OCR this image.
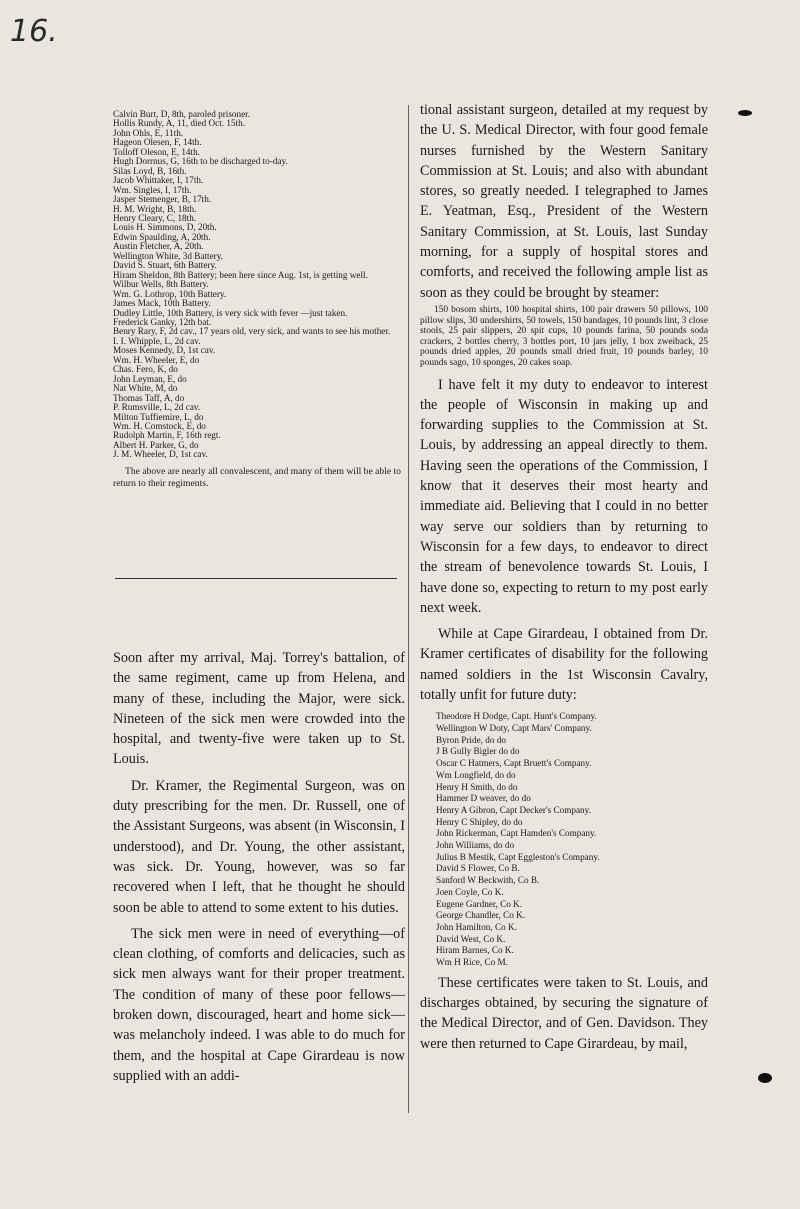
16.
Calvin Burt, D, 8th, paroled prisoner.
Hollis Rundy, A, 11, died Oct. 15th.
John Ohls, E, 11th.
Hageon Olesen, F, 14th.
Tolloff Oleson, E, 14th.
Hugh Dorrnus, G, 16th to be discharged to-day.
Silas Loyd, B, 16th.
Jacob Whittaker, I, 17th.
Wm. Singles, I, 17th.
Jasper Stemenger, B, 17th.
H. M. Wright, B, 18th.
Henry Cleary, C, 18th.
Louis H. Simmons, D, 20th.
Edwin Spaulding, A, 20th.
Austin Fletcher, A, 20th.
Wellington White, 3d Battery.
David S. Stuart, 6th Battery.
Hiram Sheldon, 8th Battery; been here since Aug. 1st, is getting well.
Wilbur Wells, 8th Battery.
Wm. G. Lothrop, 10th Battery.
James Mack, 10th Battery.
Dudley Little, 10th Battery, is very sick with fever —just taken.
Frederick Ganky, 12th bat.
Benry Rary, F, 2d cav., 17 years old, very sick, and wants to see his mother.
I. I. Whipple, L, 2d cav.
Moses Kennedy, D, 1st cav.
Wm. H. Wheeler, E, do
Chas. Fero, K, do
John Leyman, E, do
Nat White, M, do
Thomas Taff, A, do
P. Rumsville, L, 2d cav.
Milton Tuffiemire, L, do
Wm. H. Comstock, E, do
Rudolph Martin, F, 16th regt.
Albert H. Parker, G, do
J. M. Wheeler, D, 1st cav.

The above are nearly all convalescent, and many of them will be able to return to their regiments.

Soon after my arrival, Maj. Torrey's battalion, of the same regiment, came up from Helena, and many of these, including the Major, were sick. Nineteen of the sick men were crowded into the hospital, and twenty-five were taken up to St. Louis.

Dr. Kramer, the Regimental Surgeon, was on duty prescribing for the men. Dr. Russell, one of the Assistant Surgeons, was absent (in Wisconsin, I understood), and Dr. Young, the other assistant, was sick. Dr. Young, however, was so far recovered when I left, that he thought he should soon be able to attend to some extent to his duties.

The sick men were in need of everything—of clean clothing, of comforts and delicacies, such as sick men always want for their proper treatment. The condition of many of these poor fellows—broken down, discouraged, heart and home sick—was melancholy indeed. I was able to do much for them, and the hospital at Cape Girardeau is now supplied with an addi-

tional assistant surgeon, detailed at my request by the U. S. Medical Director, with four good female nurses furnished by the Western Sanitary Commission at St. Louis; and also with abundant stores, so greatly needed. I telegraphed to James E. Yeatman, Esq., President of the Western Sanitary Commission, at St. Louis, last Sunday morning, for a supply of hospital stores and comforts, and received the following ample list as soon as they could be brought by steamer:

150 bosom shirts, 100 hospital shirts, 100 pair drawers 50 pillows, 100 pillow slips, 30 undershirts, 50 towels, 150 bandages, 10 pounds lint, 3 close stools, 25 pair slippers, 20 spit cups, 10 pounds farina, 50 pounds soda crackers, 2 bottles cherry, 3 bottles port, 10 jars jelly, 1 box zweiback, 25 pounds dried apples, 20 pounds small dried fruit, 10 pounds barley, 10 pounds sago, 10 sponges, 20 cakes soap.

I have felt it my duty to endeavor to interest the people of Wisconsin in making up and forwarding supplies to the Commission at St. Louis, by addressing an appeal directly to them. Having seen the operations of the Commission, I know that it deserves their most hearty and immediate aid. Believing that I could in no better way serve our soldiers than by returning to Wisconsin for a few days, to endeavor to direct the stream of benevolence towards St. Louis, I have done so, expecting to return to my post early next week.

While at Cape Girardeau, I obtained from Dr. Kramer certificates of disability for the following named soldiers in the 1st Wisconsin Cavalry, totally unfit for future duty:

Theodore H Dodge, Capt. Hunt's Company.
Wellington W Doty, Capt Mars' Company.
Byron Pride, do do
J B Gully Bigler do do
Oscar C Hatmers, Capt Bruett's Company.
Wm Longfield, do do
Henry H Smith, do do
Hammer D weaver, do do
Henry A Gibron, Capt Decker's Company.
Henry C Shipley, do do
John Rickerman, Capt Hamden's Company.
John Williams, do do
Julius B Mestik, Capt Eggleston's Company.
David S Flower, Co B.
Sanford W Beckwith, Co B.
Joen Coyle, Co K.
Eugene Gardner, Co K.
George Chandler, Co K.
John Hamilton, Co K.
David West, Co K.
Hiram Barnes, Co K.
Wm H Rice, Co M.

These certificates were taken to St. Louis, and discharges obtained, by securing the signature of the Medical Director, and of Gen. Davidson. They were then returned to Cape Girardeau, by mail,
